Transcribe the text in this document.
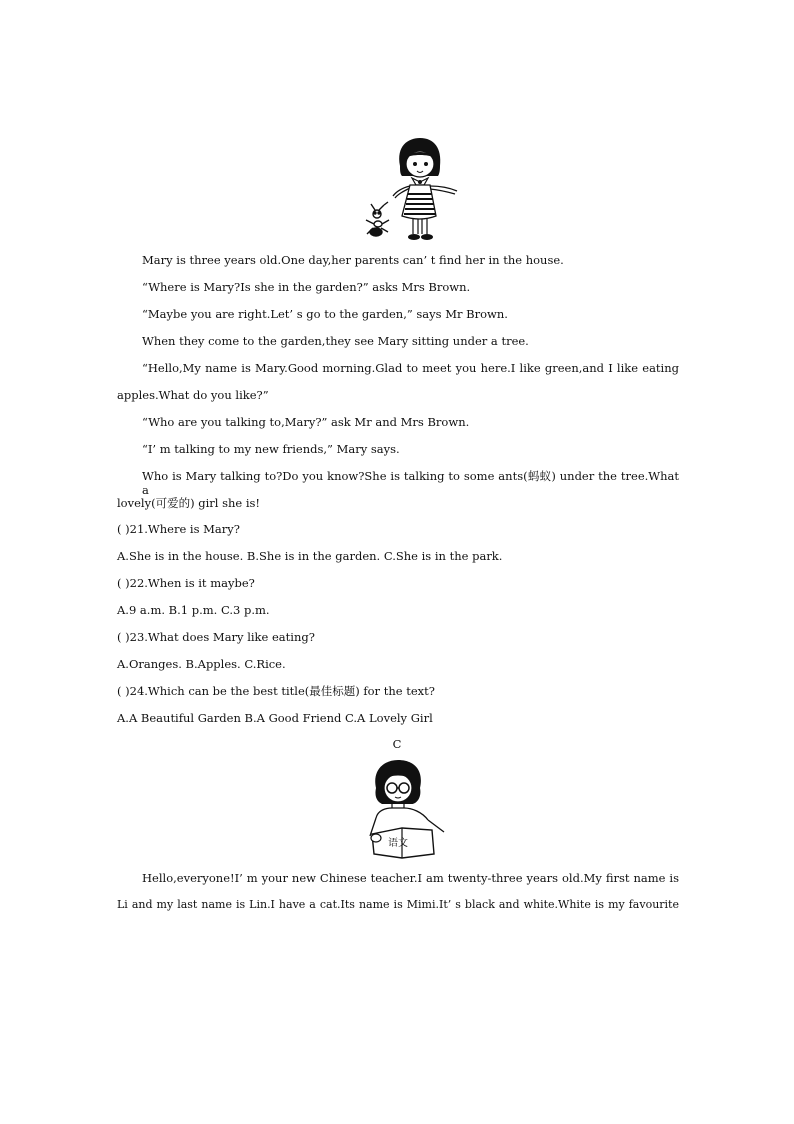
Mary is three years old.One day,her parents can’ t find her in the house.
“Where is Mary?Is she in the garden?” asks Mrs Brown.
“Maybe you are right.Let’ s go to the garden,” says Mr Brown.
When they come to the garden,they see Mary sitting under a tree.
“Hello,My name is Mary.Good morning.Glad to meet you here.I like green,and I like eating
apples.What do you like?”
“Who are you talking to,Mary?” ask Mr and Mrs Brown.
“I’ m talking to my new friends,” Mary says.
Who is Mary talking to?Do you know?She is talking to some ants(蚂蚁) under the tree.What a
lovely(可爱的) girl she is!
( )21.Where is Mary?
A.She is in the house. B.She is in the garden. C.She is in the park.
( )22.When is it maybe?
A.9 a.m. B.1 p.m. C.3 p.m.
( )23.What does Mary like eating?
A.Oranges. B.Apples. C.Rice.
( )24.Which can be the best title(最佳标题) for the text?
A.A Beautiful Garden B.A Good Friend C.A Lovely Girl
C
语文
Hello,everyone!I’ m your new Chinese teacher.I am twenty-three years old.My first name is
Li and my last name is Lin.I have a cat.Its name is Mimi.It’ s black and white.White is my favourite
